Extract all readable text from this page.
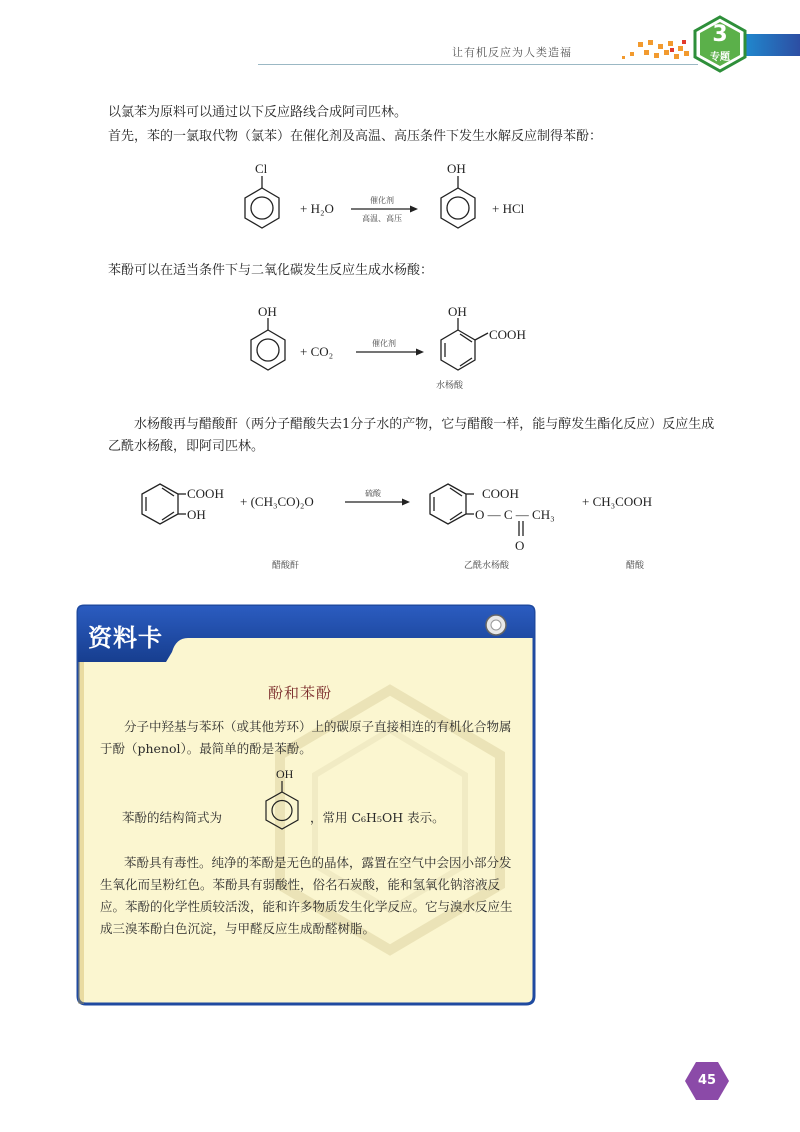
让有机反应为人类造福
3
专题
以氯苯为原料可以通过以下反应路线合成阿司匹林。
首先，苯的一氯取代物（氯苯）在催化剂及高温、高压条件下发生水解反应制得苯酚：
Cl
+ H₂O
催化剂
高温、高压
OH
+ HCl
苯酚可以在适当条件下与二氧化碳发生反应生成水杨酸：
OH
+ CO₂
催化剂
OH
COOH
水杨酸
水杨酸再与醋酸酐（两分子醋酸失去1分子水的产物，它与醋酸一样，能与醇发生酯化反应）反应生成乙酰水杨酸，即阿司匹林。
COOH
OH
+ (CH₃CO)₂O
硫酸	COOH
O — C — CH₃
O
+ CH₃COOH
醋酸酐	乙酰水杨酸	醋酸
资料卡
酚和苯酚
分子中羟基与苯环（或其他芳环）上的碳原子直接相连的有机化合物属于酚（phenol）。最简单的酚是苯酚。
苯酚的结构简式为
OH
，常用 C₆H₅OH 表示。
苯酚具有毒性。纯净的苯酚是无色的晶体，露置在空气中会因小部分发生氧化而呈粉红色。苯酚具有弱酸性，俗名石炭酸，能和氢氧化钠溶液反应。苯酚的化学性质较活泼，能和许多物质发生化学反应。它与溴水反应生成三溴苯酚白色沉淀，与甲醛反应生成酚醛树脂。
45
